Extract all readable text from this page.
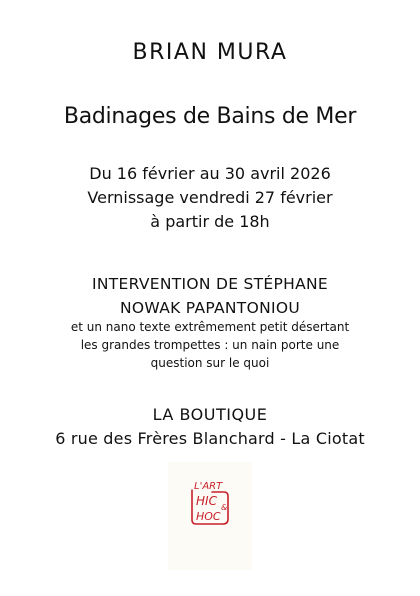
BRIAN MURA
Badinages de Bains de Mer
Du 16 février au 30 avril 2026
Vernissage vendredi 27 février
à partir de 18h
INTERVENTION DE STÉPHANE
NOWAK PAPANTONIOU
et un nano texte extrêmement petit désertant
les grandes trompettes : un nain porte une
question sur le quoi
LA BOUTIQUE
6 rue des Frères Blanchard - La Ciotat
L'ART
HIC &
HOC
